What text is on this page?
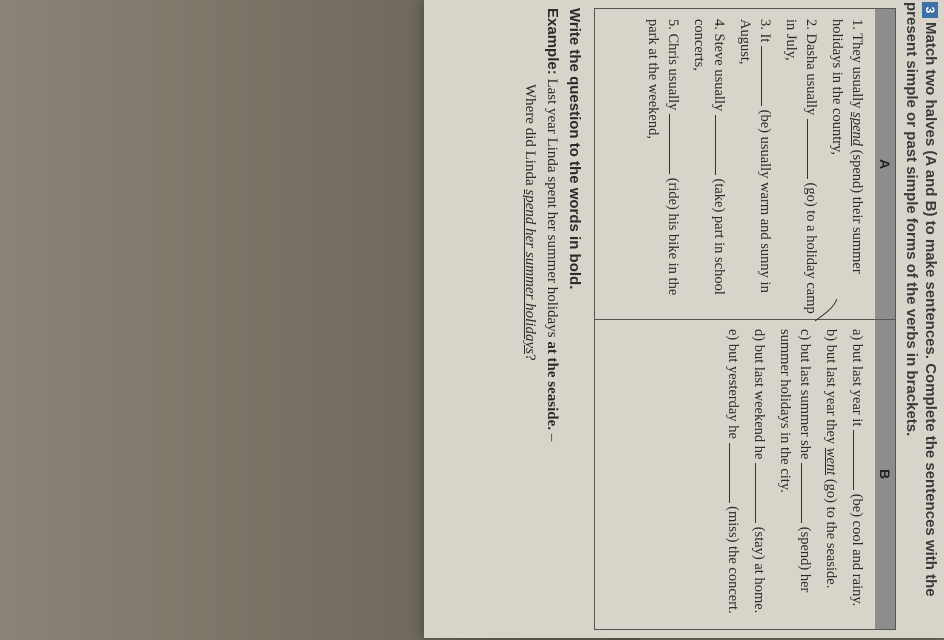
3Match two halves (A and B) to make sentences. Complete the sentences with the present simple or past simple forms of the verbs in brackets.
A
B
1. They usually spend (spend) their summer holidays in the country,
2. Dasha usually  (go) to a holiday camp in July,
3. It  (be) usually warm and sunny in August,
4. Steve usually  (take) part in school concerts,
5. Chris usually  (ride) his bike in the park at the weekend,
a) but last year it  (be) cool and rainy.
b) but last year they went (go) to the seaside.
c) but last summer she  (spend) her summer holidays in the city.
d) but last weekend he  (stay) at home.
e) but yesterday he  (miss) the concert.
Write the question to the words in bold.
Example: Last year Linda spent her summer holidays at the seaside. –
Where did Linda spend her summer holidays?
